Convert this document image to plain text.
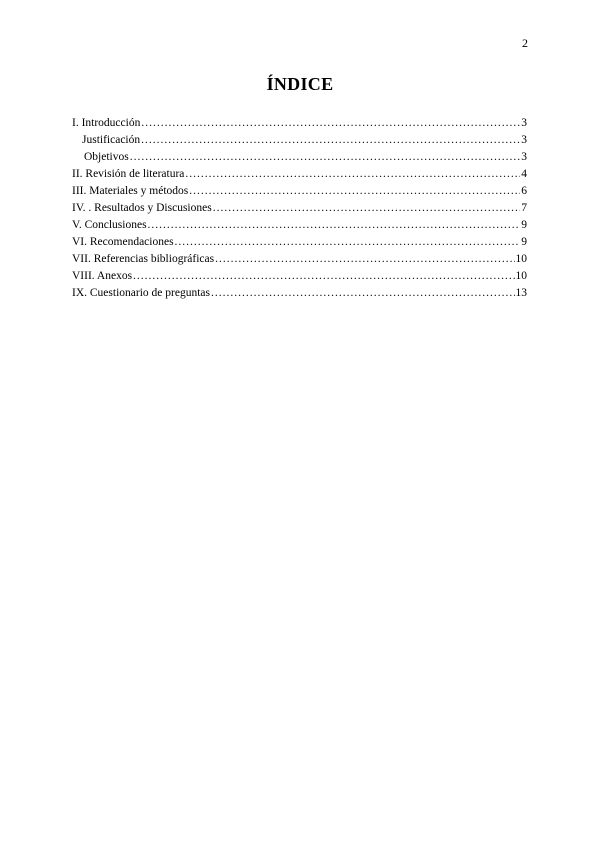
2
ÍNDICE
I. Introducción .....	3
Justificación .....	3
Objetivos .....	3
II. Revisión de literatura .....	4
III. Materiales y métodos .....	6
IV. . Resultados y Discusiones .....	7
V. Conclusiones .....	9
VI. Recomendaciones .....	9
VII. Referencias bibliográficas .....	10
VIII. Anexos .....	10
IX. Cuestionario de preguntas .....	13
